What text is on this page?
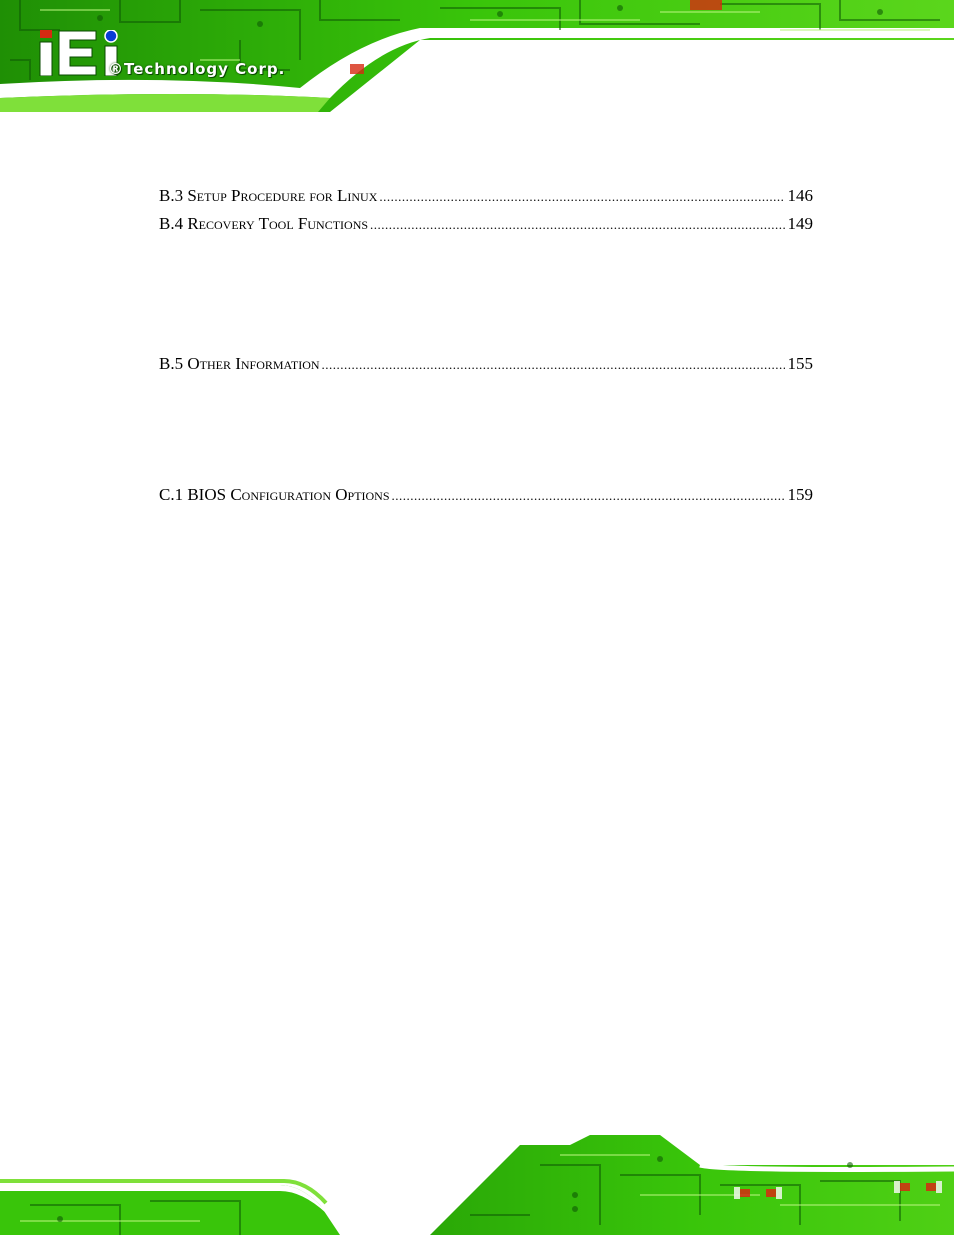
®Technology Corp.
B.3 Setup Procedure for Linux .....	146
B.4 Recovery Tool Functions .....	149
B.5 Other Information .....	155
C.1 BIOS Configuration Options .....	159
